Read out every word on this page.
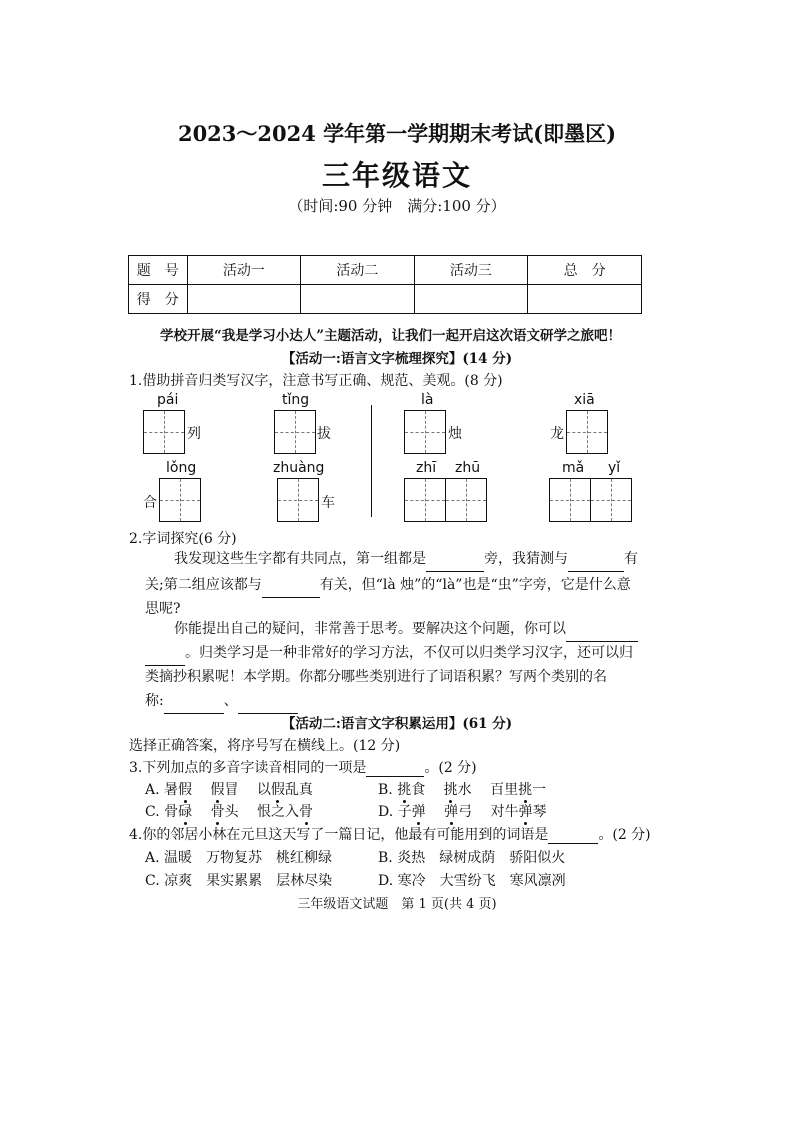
2023～2024 学年第一学期期末考试(即墨区)
三年级语文
（时间:90 分钟　满分:100 分）
题　号	活动一	活动二	活动三	总　分
得　分				
学校开展“我是学习小达人”主题活动，让我们一起开启这次语文研学之旅吧！
【活动一:语言文字梳理探究】(14 分)
1.借助拼音归类写汉字，注意书写正确、规范、美观。(8 分)
pái	tǐng	là	xiā
列	拔	烛	龙
lǒng	zhuàng	zhī zhū	mǎ yǐ
合	车
2.字词探究(6 分)
我发现这些生字都有共同点，第一组都是	旁，我猜测与	有
关;第二组应该都与	有关，但“là 烛”的“là”也是“虫”字旁，它是什么意
思呢?
你能提出自己的疑问，非常善于思考。要解决这个问题，你可以
。归类学习是一种非常好的学习方法，不仅可以归类学习汉字，还可以归
类摘抄积累呢！本学期。你都分哪些类别进行了词语积累？写两个类别的名
称:	、
【活动二:语言文字积累运用】(61 分)
选择正确答案，将序号写在横线上。(12 分)
3.下列加点的多音字读音相同的一项是	。(2 分)
A. 暑假　 假冒　 以假乱真	B. 挑食　 挑水　 百里挑一
C. 骨碌　 骨头　 恨之入骨	D. 子弹　 弹弓　 对牛弹琴
4.你的邻居小林在元旦这天写了一篇日记，他最有可能用到的词语是	。(2 分)
A. 温暖　万物复苏　桃红柳绿	B. 炎热　绿树成荫　骄阳似火
C. 凉爽　果实累累　层林尽染	D. 寒冷　大雪纷飞　寒风凛冽
三年级语文试题　第 1 页(共 4 页)
